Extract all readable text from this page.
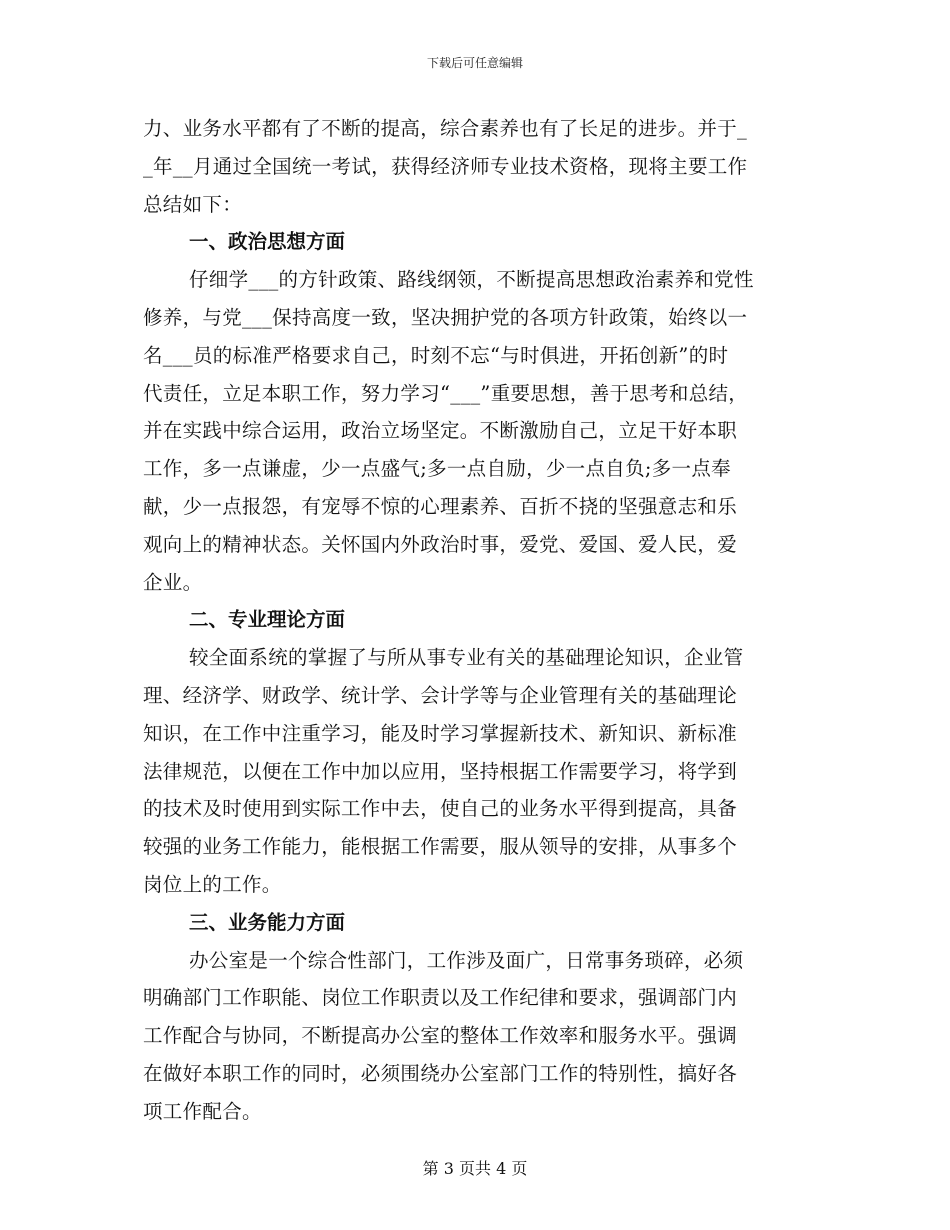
下载后可任意编辑

力、业务水平都有了不断的提高，综合素养也有了长足的进步。并于_

_年__月通过全国统一考试，获得经济师专业技术资格，现将主要工作

总结如下：

一、政治思想方面

仔细学___的方针政策、路线纲领，不断提高思想政治素养和党性

修养，与党___保持高度一致，坚决拥护党的各项方针政策，始终以一

名___员的标准严格要求自己，时刻不忘“与时俱进，开拓创新”的时

代责任，立足本职工作，努力学习“___”重要思想，善于思考和总结，

并在实践中综合运用，政治立场坚定。不断激励自己，立足干好本职

工作，多一点谦虚，少一点盛气;多一点自励，少一点自负;多一点奉

献，少一点报怨，有宠辱不惊的心理素养、百折不挠的坚强意志和乐

观向上的精神状态。关怀国内外政治时事，爱党、爱国、爱人民，爱

企业。

二、专业理论方面

较全面系统的掌握了与所从事专业有关的基础理论知识，企业管

理、经济学、财政学、统计学、会计学等与企业管理有关的基础理论

知识，在工作中注重学习，能及时学习掌握新技术、新知识、新标准

法律规范，以便在工作中加以应用，坚持根据工作需要学习，将学到

的技术及时使用到实际工作中去，使自己的业务水平得到提高，具备

较强的业务工作能力，能根据工作需要，服从领导的安排，从事多个

岗位上的工作。

三、业务能力方面

办公室是一个综合性部门，工作涉及面广，日常事务琐碎，必须

明确部门工作职能、岗位工作职责以及工作纪律和要求，强调部门内

工作配合与协同，不断提高办公室的整体工作效率和服务水平。强调

在做好本职工作的同时，必须围绕办公室部门工作的特别性，搞好各

项工作配合。

第 3 页共 4 页
